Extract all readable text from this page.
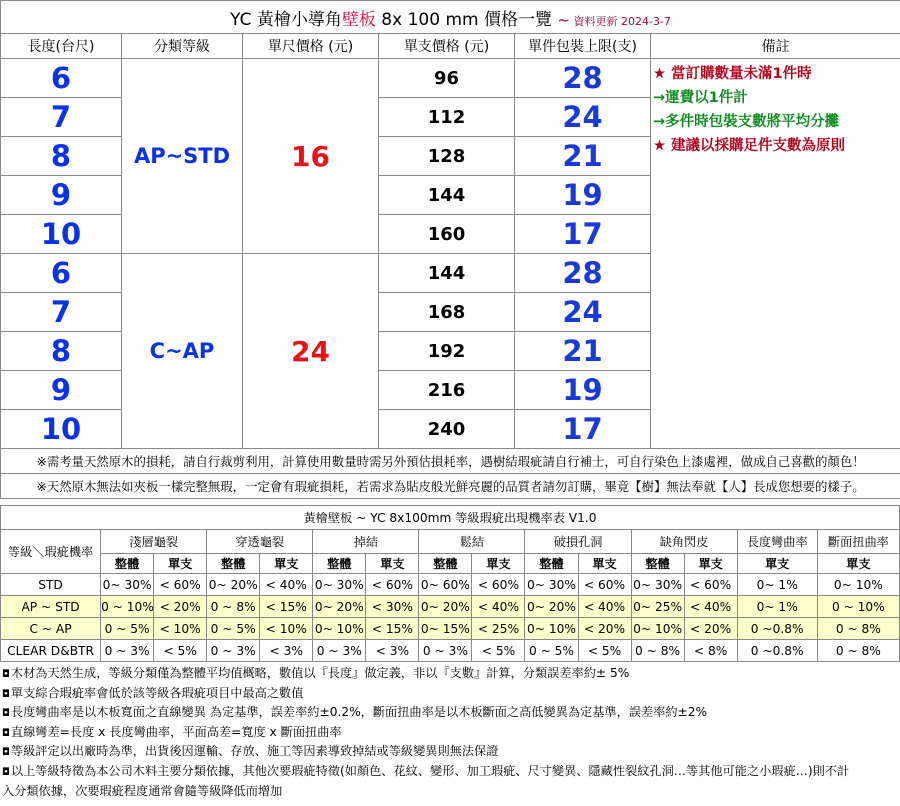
YC 黃檜小導角壁板 8x 100 mm 價格一覽 ~ 資料更新 2024-3-7					
長度(台尺)	分類等級	單尺價格 (元)	單支價格 (元)	單件包裝上限(支)	備註
6	AP~STD	16	96	28	★ 當訂購數量未滿1件時
→運費以1件計
→多件時包裝支數將平均分攤
★ 建議以採購足件支數為原則

7			112	24	
8			128	21	
9			144	19	
10			160	17	
6	C~AP	24	144	28	
7			168	24	
8			192	21	
9			216	19	
10			240	17	
※需考量天然原木的損耗，請自行裁剪利用，計算使用數量時需另外預估損耗率，遇樹結瑕疵請自行補士，可自行染色上漆處裡，做成自己喜歡的顏色！					
※天然原木無法如夾板一樣完整無瑕，一定會有瑕疵損耗，若需求為貼皮般光鮮亮麗的品質者請勿訂購，畢竟【樹】無法奉就【人】長成您想要的樣子。					
黃檜壁板 ~ YC 8x100mm 等級瑕疵出現機率表 V1.0														
等級＼瑕疵機率	淺層龜裂		穿透龜裂		掉結		鬆結		破損孔洞		缺角閃皮		長度彎曲率	斷面扭曲率
	整體	單支	整體	單支	整體	單支	整體	單支	整體	單支	整體	單支	單支	單支
STD	0~ 30%	< 60%	0~ 20%	< 40%	0~ 30%	< 60%	0~ 60%	< 60%	0~ 30%	< 60%	0~ 30%	< 60%	0~ 1%	0~ 10%
AP ~ STD	0 ~ 10%	< 20%	0 ~ 8%	< 15%	0~ 20%	< 30%	0~ 20%	< 40%	0~ 20%	< 40%	0~ 25%	< 40%	0~ 1%	0 ~ 10%
C ~ AP	0 ~ 5%	< 10%	0 ~ 5%	< 10%	0~ 10%	< 15%	0~ 15%	< 25%	0~ 10%	< 20%	0~ 10%	< 20%	0 ~0.8%	0 ~ 8%
CLEAR D&BTR	0 ~ 3%	< 5%	0 ~ 3%	< 3%	0 ~ 3%	< 3%	0 ~ 3%	< 5%	0 ~ 5%	< 5%	0 ~ 8%	< 8%	0 ~0.8%	0 ~ 8%
◘木材為天然生成，等級分類僅為整體平均值概略，數值以『長度』做定義，非以『支數』計算，分類誤差率約± 5%
◘單支綜合瑕疵率會低於該等級各瑕疵項目中最高之數值
◘長度彎曲率是以木板寬面之直線變異 為定基準，誤差率約±0.2%，斷面扭曲率是以木板斷面之高低變異為定基準，誤差率約±2%
◘直線彎差=長度 x 長度彎曲率，平面高差=寬度 x 斷面扭曲率
◘等級評定以出廠時為準，出貨後因運輸、存放、施工等因素導致掉結或等級變異則無法保證
◘以上等級特徵為本公司木料主要分類依據，其他次要瑕疵特徵(如顏色、花紋、變形、加工瑕疵、尺寸變異、隱藏性裂紋孔洞…等其他可能之小瑕疵…)則不計
入分類依據，次要瑕疵程度通常會隨等級降低而增加
